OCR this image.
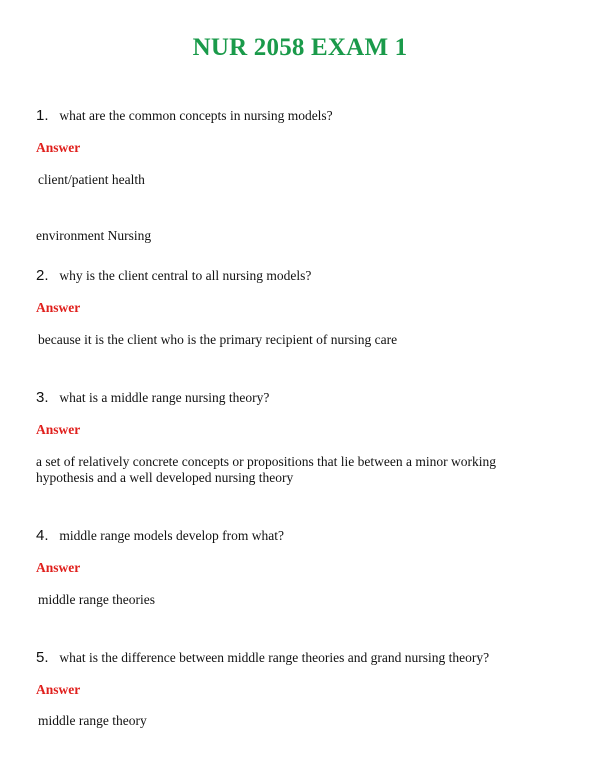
NUR 2058 EXAM 1
1. what are the common concepts in nursing models?
Answer
client/patient health
environment Nursing
2. why is the client central to all nursing models?
Answer
because it is the client who is the primary recipient of nursing care
3. what is a middle range nursing theory?
Answer
a set of relatively concrete concepts or propositions that lie between a minor working hypothesis and a well developed nursing theory
4. middle range models develop from what?
Answer
middle range theories
5. what is the difference between middle range theories and grand nursing theory?
Answer
middle range theory
